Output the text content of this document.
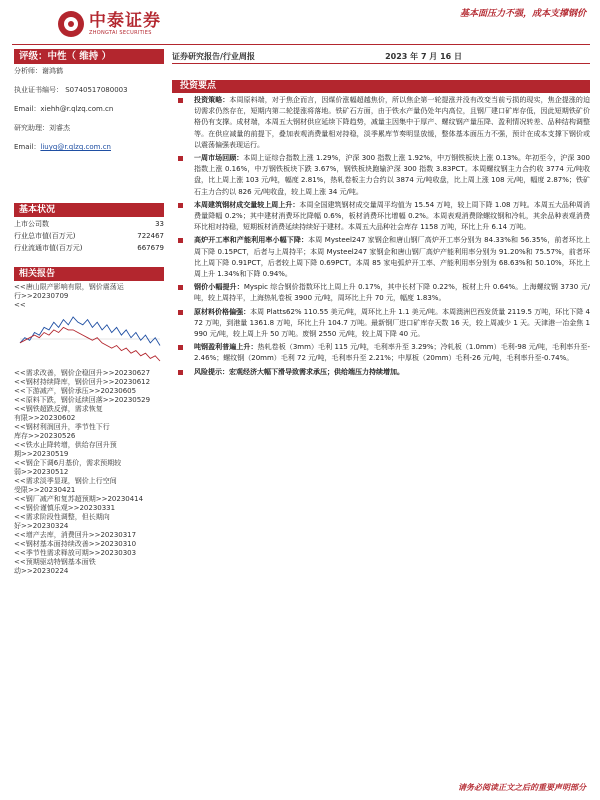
中泰证券
ZHONGTAI SECURITIES
基本面压力不强，成本支撑钢价
评级：中性（ 维持 ）
分析师：谢鸿鹤
执业证书编号： S0740517080003
Email：xiehh@r.qlzq.com.cn
研究助理：刘睿杰
Email：liuyq@r.qlzq.com.cn
基本状况
上市公司数	33
行业总市值(百万元)	722467
行业流通市值(百万元)	667679
相关报告
<<唐山限产影响有限，钢价震荡运
行>>20230709
<<
<<需求改善，钢价企稳回升>>20230627
<<钢材持续降库，钢价回升>>20230612
<<下游减产，钢价承压>>20230605
<<原料下跌，钢价延续回落>>20230529
<<钢铁超跌反弹，需求恢复
有限>>20230602
<<钢材利润回升，季节性下行
库存>>20230526
<<铁水止降转增，供给存回升预
期>>20230519
<<钢企下调6月基价，需求预期较
弱>>20230512
<<需求淡季显现，钢价上行空间
受限>>20230421
<<钢厂减产和复苏超预期>>20230414
<<钢价谨慎乐观>>20230331
<<需求阶段性调整，但长期向
好>>20230324
<<增产去库，消费回升>>20230317
<<钢材基本面持续改善>>20230310
<<季节性需求释放可期>>20230303
<<预期驱动特钢基本面铁
动>>20230224
证券研究报告/行业周报	2023 年 7 月 16 日
投资要点
投资策略：本周原料端，对于焦企而言，因煤价涨幅超越焦价，所以焦企第一轮提涨并没有改变当前亏损的现实，焦企提涨的迫切需求仍然存在，短期内第二轮提涨将落地。铁矿石方面，由于铁水产量仍处年内高位，且钢厂建口矿库存低，因此短期铁矿价格仍有支撑。成材端，本周五大钢材供应延续下降趋势，减量主因集中于厚产、螺纹钢产量压降、盈利情况转差、品种结构调整等。在供应减量的前提下，叠加表观消费量相对持稳，淡季累库节奏明显放缓，整体基本面压力不强，预计在成本支撑下钢价或以震荡偏强表现运行。
一周市场回顾：本周上证综合指数上涨 1.29%，沪深 300 指数上涨 1.92%，中万钢铁板块上涨 0.13%。年初至今，沪深 300 指数上涨 0.16%，中万钢铁板块下跌 3.67%，钢铁板块跑输沪深 300 指数 3.83PCT。本周螺纹钢主力合约收 3774 元/吨收盘，比上周上涨 103 元/吨，幅度 2.81%，热轧卷板主力合约以 3874 元/吨收盘，比上周上涨 108 元/吨，幅度 2.87%；铁矿石主力合约以 826 元/吨收盘，较上周上涨 34 元/吨。
本周建筑钢材成交量较上周上升：本周全国建筑钢材成交量周平均值为 15.54 万吨，较上周下降 1.08 万吨。本周五大品种周消费量降幅 0.2%；其中建材消费环比降幅 0.6%，板材消费环比增幅 0.2%。本周表观消费除螺纹钢和冷轧，其余品种表观消费环比相对持稳，短期板材消费延续持续好于建材。本周五大品种社会库存 1158 万吨，环比上升 6.14 万吨。
高炉开工率和产能利用率小幅下降：本周 Mysteel247 家钢企和唐山钢厂高炉开工率分别为 84.33%和 56.35%，前者环比上周下降 0.15PCT，后者与上周持平；本周 Mysteel247 家钢企和唐山钢厂高炉产能利用率分别为 91.20%和 75.57%，前者环比上周下降 0.91PCT，后者较上周下降 0.69PCT。本周 85 家电弧炉开工率、产能利用率分别为 68.63%和 50.10%，环比上周上升 1.34%和下降 0.94%。
钢价小幅提升：Myspic 综合钢价指数环比上周上升 0.17%，其中长材下降 0.22%，板材上升 0.64%。上海螺纹钢 3730 元/吨，较上周持平，上海热轧卷板 3900 元/吨，周环比上升 70 元，幅度 1.83%。
原材料价格偏强：本周 Platts62% 110.55 美元/吨，周环比上升 1.1 美元/吨。本周澳洲巴西发货量 2119.5 万吨，环比下降 472 万吨，到港量 1361.8 万吨，环比上升 104.7 万吨。最新钢厂进口矿库存天数 16 天，较上周减少 1 天。天津港一冶金焦 1990 元/吨，较上周上升 50 万吨。废钢 2550 元/吨，较上周下降 40 元。
吨钢盈利普遍上升：热轧卷板（3mm）毛利 115 元/吨，毛利率升至 3.29%；冷轧板（1.0mm）毛利-98 元/吨，毛利率升至-2.46%；螺纹钢（20mm）毛利 72 元/吨，毛利率升至 2.21%；中厚板（20mm）毛利-26 元/吨，毛利率升至-0.74%。
风险提示：宏观经济大幅下滑导致需求承压；供给端压力持续增加。
请务必阅读正文之后的重要声明部分
